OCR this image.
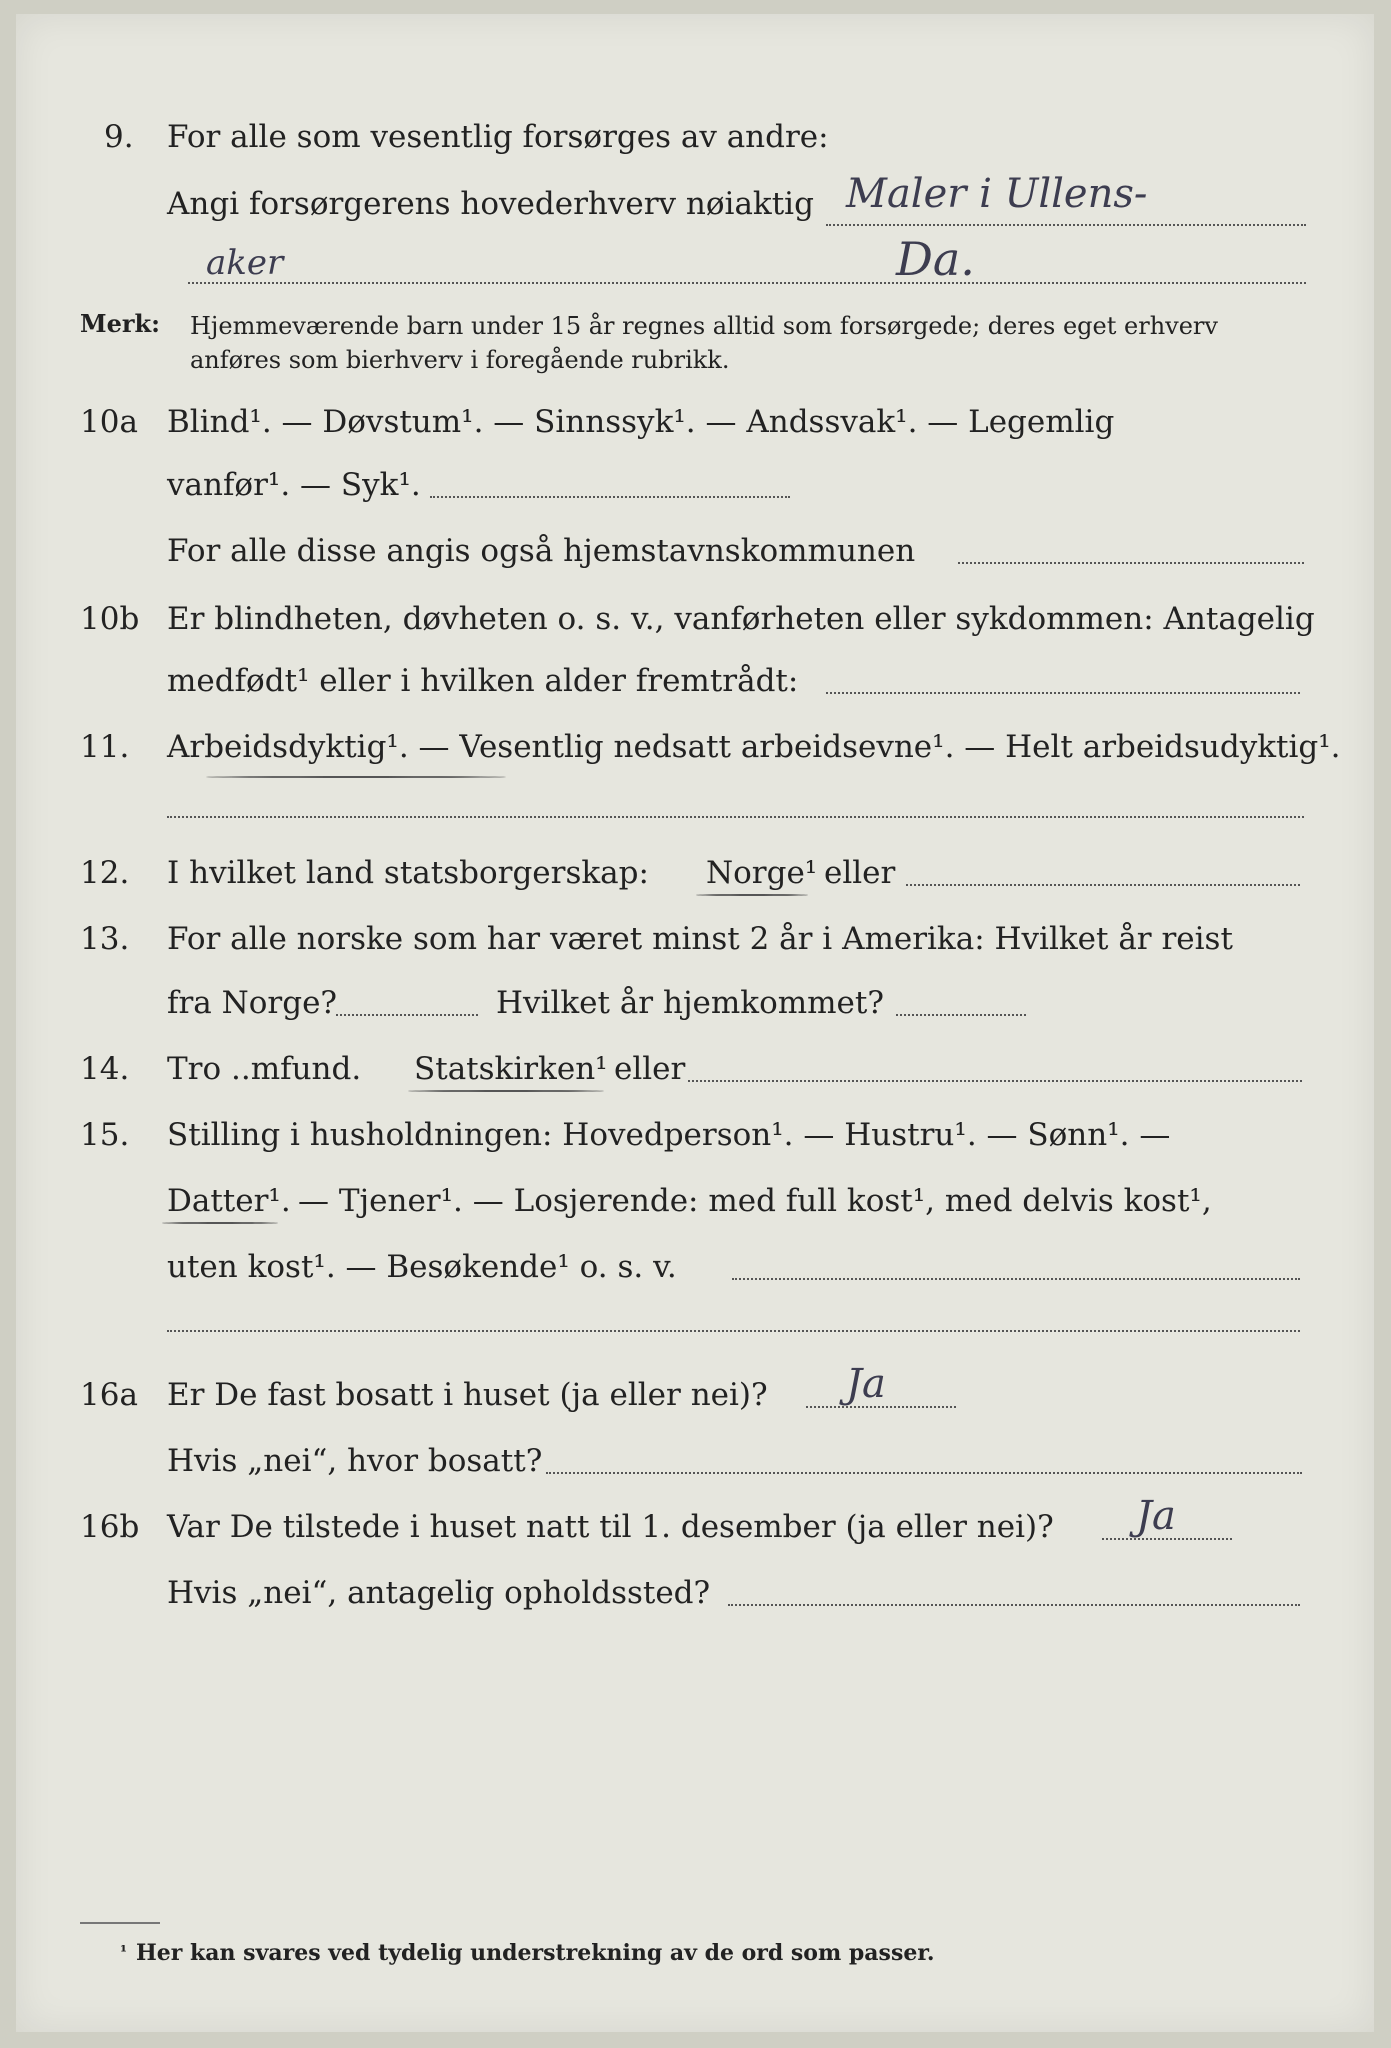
9. For alle som vesentlig forsørges av andre:
Angi forsørgerens hovederhverv nøiaktig Maler i Ullens-
aker	Da.
Merk: Hjemmeværende barn under 15 år regnes alltid som forsørgede; deres eget erhverv
anføres som bierhverv i foregående rubrikk.
10a Blind¹. — Døvstum¹. — Sinnssyk¹. — Andssvak¹. — Legemlig
vanfør¹. — Syk¹.
For alle disse angis også hjemstavnskommunen
10b Er blindheten, døvheten o. s. v., vanførheten eller sykdommen: Antagelig
medfødt¹ eller i hvilken alder fremtrådt:
11. Arbeidsdyktig¹. — Vesentlig nedsatt arbeidsevne¹. — Helt arbeidsudyktig¹.
12. I hvilket land statsborgerskap: Norge¹ eller
13. For alle norske som har været minst 2 år i Amerika: Hvilket år reist
fra Norge?	Hvilket år hjemkommet?
14. Tro ..mfund. Statskirken¹ eller
15. Stilling i husholdningen: Hovedperson¹. — Hustru¹. — Sønn¹. —
Datter¹. — Tjener¹. — Losjerende: med full kost¹, med delvis kost¹,
uten kost¹. — Besøkende¹ o. s. v.
16a Er De fast bosatt i huset (ja eller nei)? Ja
Hvis „nei“, hvor bosatt?
16b Var De tilstede i huset natt til 1. desember (ja eller nei)? Ja
Hvis „nei“, antagelig opholdssted?
¹ Her kan svares ved tydelig understrekning av de ord som passer.
